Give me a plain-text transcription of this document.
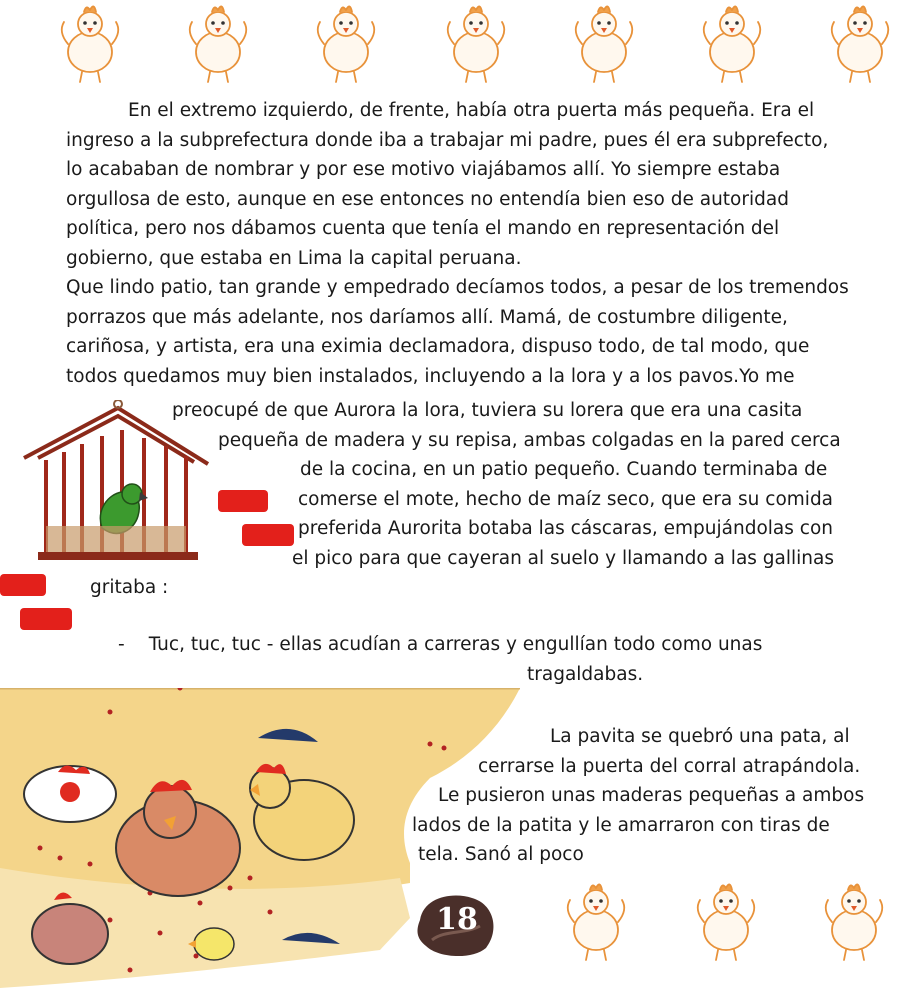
En el extremo izquierdo, de frente, había otra puerta más pequeña. Era el
ingreso a la subprefectura donde iba a trabajar mi padre, pues él era subprefecto,
lo acababan de nombrar y por ese motivo viajábamos allí. Yo siempre estaba
orgullosa de esto, aunque en ese entonces no entendía bien eso de autoridad
política, pero nos dábamos cuenta que tenía el mando en representación del
gobierno, que estaba en Lima la capital peruana.
Que lindo patio, tan grande y empedrado decíamos todos, a pesar de los tremendos
porrazos que más adelante, nos daríamos allí. Mamá, de costumbre diligente,
cariñosa, y artista, era una eximia declamadora, dispuso todo, de tal modo, que
todos quedamos muy bien instalados, incluyendo a la lora y a los pavos.Yo me
preocupé de que Aurora la lora, tuviera su lorera que era una casita
pequeña de madera y su repisa, ambas colgadas en la pared cerca
de la cocina, en un patio pequeño. Cuando terminaba de
comerse el mote, hecho de maíz seco, que era su comida
preferida Aurorita botaba las cáscaras, empujándolas con
el pico para que cayeran al suelo y llamando a las gallinas
gritaba :
- Tuc, tuc, tuc - ellas acudían a carreras y engullían todo como unas
tragaldabas.
La pavita se quebró una pata, al
cerrarse la puerta del corral atrapándola.
Le pusieron unas maderas pequeñas a ambos
lados de la patita y le amarraron con tiras de
tela. Sanó al poco
18
